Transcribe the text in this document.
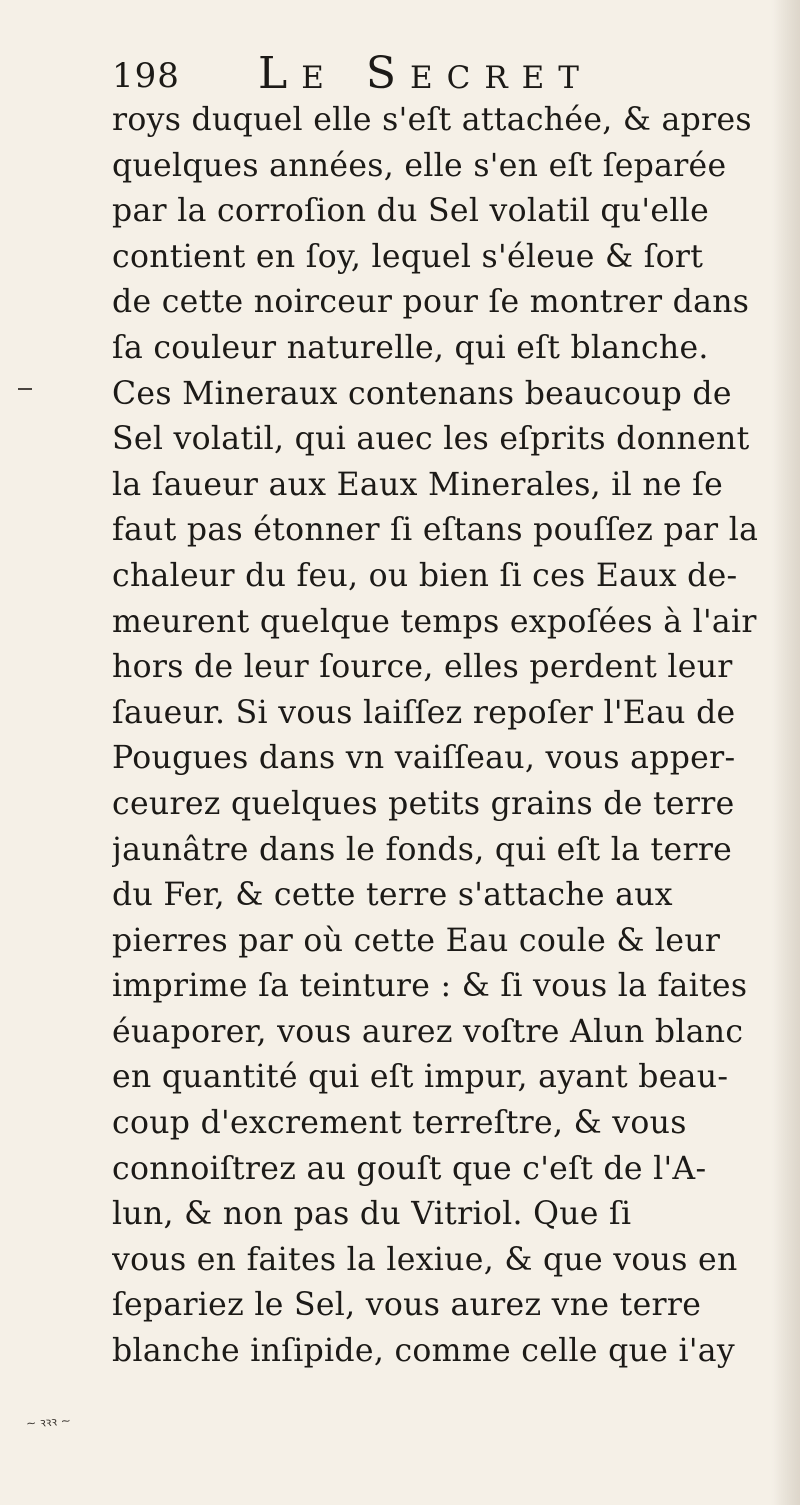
198 Le Secret
roys duquel elle s'eſt attachée, & apres
quelques années, elle s'en eſt ſeparée
par la corroſion du Sel volatil qu'elle
contient en ſoy, lequel s'éleue & ſort
de cette noirceur pour ſe montrer dans
ſa couleur naturelle, qui eſt blanche.
Ces Mineraux contenans beaucoup de
Sel volatil, qui auec les eſprits donnent
la ſaueur aux Eaux Minerales, il ne ſe
faut pas étonner ſi eſtans pouſſez par la
chaleur du feu, ou bien ſi ces Eaux de-
meurent quelque temps expoſées à l'air
hors de leur ſource, elles perdent leur
ſaueur. Si vous laiſſez repoſer l'Eau de
Pougues dans vn vaiſſeau, vous apper-
ceurez quelques petits grains de terre
jaunâtre dans le fonds, qui eſt la terre
du Fer, & cette terre s'attache aux
pierres par où cette Eau coule & leur
imprime ſa teinture : & ſi vous la faites
éuaporer, vous aurez voſtre Alun blanc
en quantité qui eſt impur, ayant beau-
coup d'excrement terreſtre, & vous
connoiſtrez au gouſt que c'eſt de l'A-
lun, & non pas du Vitriol. Que ſi
vous en faites la lexiue, & que vous en
ſepariez le Sel, vous aurez vne terre
blanche inſipide, comme celle que i'ay
~ ꝛꝛꝛ ~
